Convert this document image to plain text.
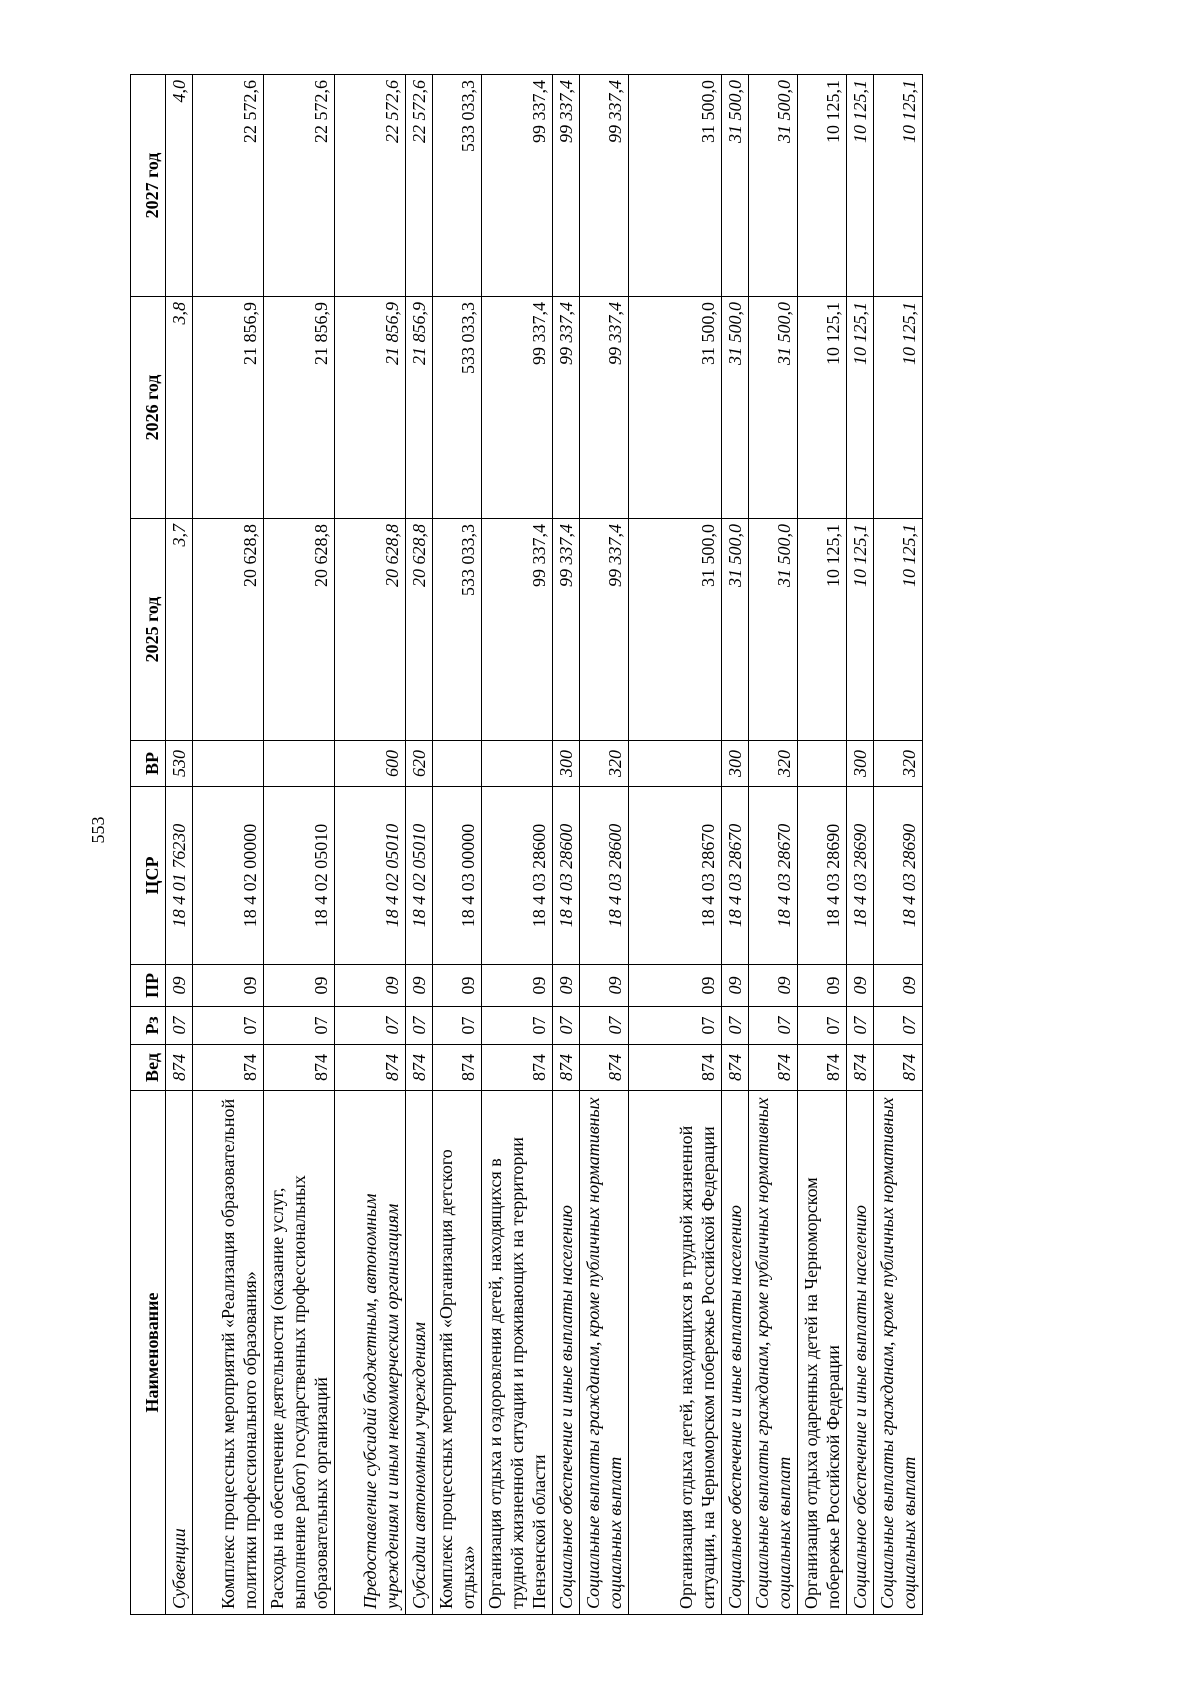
553
Наименование	Вед	Рз	ПР	ЦСР	ВР	2025 год	2026 год	2027 год
Субвенции	874	07	09	18 4 01 76230	530	3,7	3,8	4,0
Комплекс процессных мероприятий «Реализация образовательной политики профессионального образования»	874	07	09	18 4 02 00000		20 628,8	21 856,9	22 572,6
Расходы на обеспечение деятельности (оказание услуг, выполнение работ) государственных профессиональных образовательных организаций	874	07	09	18 4 02 05010		20 628,8	21 856,9	22 572,6
Предоставление субсидий бюджетным, автономным учреждениям и иным некоммерческим организациям	874	07	09	18 4 02 05010	600	20 628,8	21 856,9	22 572,6
Субсидии автономным учреждениям	874	07	09	18 4 02 05010	620	20 628,8	21 856,9	22 572,6
Комплекс процессных мероприятий «Организация детского отдыха»	874	07	09	18 4 03 00000		533 033,3	533 033,3	533 033,3
Организация отдыха и оздоровления детей, находящихся в трудной жизненной ситуации и проживающих на территории Пензенской области	874	07	09	18 4 03 28600		99 337,4	99 337,4	99 337,4
Социальное обеспечение и иные выплаты населению	874	07	09	18 4 03 28600	300	99 337,4	99 337,4	99 337,4
Социальные выплаты гражданам, кроме публичных нормативных социальных выплат	874	07	09	18 4 03 28600	320	99 337,4	99 337,4	99 337,4
Организация отдыха детей, находящихся в трудной жизненной ситуации, на Черноморском побережье Российской Федерации	874	07	09	18 4 03 28670		31 500,0	31 500,0	31 500,0
Социальное обеспечение и иные выплаты населению	874	07	09	18 4 03 28670	300	31 500,0	31 500,0	31 500,0
Социальные выплаты гражданам, кроме публичных нормативных социальных выплат	874	07	09	18 4 03 28670	320	31 500,0	31 500,0	31 500,0
Организация отдыха одаренных детей на Черноморском побережье Российской Федерации	874	07	09	18 4 03 28690		10 125,1	10 125,1	10 125,1
Социальное обеспечение и иные выплаты населению	874	07	09	18 4 03 28690	300	10 125,1	10 125,1	10 125,1
Социальные выплаты гражданам, кроме публичных нормативных социальных выплат	874	07	09	18 4 03 28690	320	10 125,1	10 125,1	10 125,1
